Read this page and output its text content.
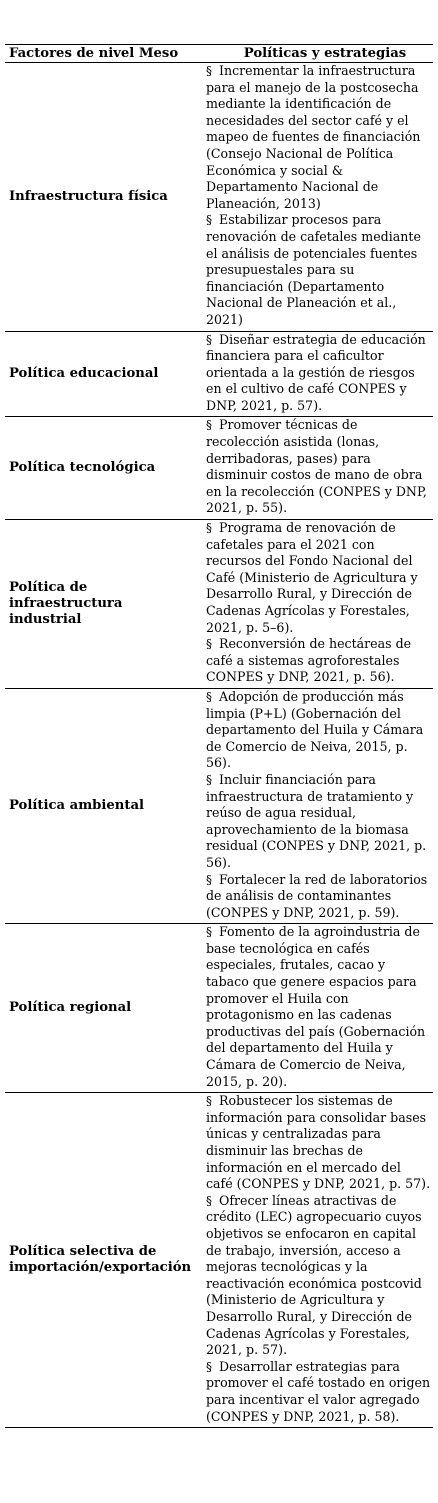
Factores de nivel Meso	Políticas y estrategias
Infraestructura física	§ Incrementar la infraestructura para el manejo de la postcosecha mediante la identificación de necesidades del sector café y el mapeo de fuentes de financiación (Consejo Nacional de Política Económica y social & Departamento Nacional de Planeación, 2013)
§ Estabilizar procesos para renovación de cafetales mediante el análisis de potenciales fuentes presupuestales para su financiación (Departamento Nacional de Planeación et al., 2021)

Política educacional	§ Diseñar estrategia de educación financiera para el caficultor orientada a la gestión de riesgos en el cultivo de café CONPES y DNP, 2021, p. 57).

Política tecnológica	§ Promover técnicas de recolección asistida (lonas, derribadoras, pases) para disminuir costos de mano de obra en la recolección (CONPES y DNP, 2021, p. 55).

Política de infraestructura industrial	§ Programa de renovación de cafetales para el 2021 con recursos del Fondo Nacional del Café (Ministerio de Agricultura y Desarrollo Rural, y Dirección de Cadenas Agrícolas y Forestales, 2021, p. 5–6).
§ Reconversión de hectáreas de café a sistemas agroforestales CONPES y DNP, 2021, p. 56).

Política ambiental	§ Adopción de producción más limpia (P+L) (Gobernación del departamento del Huila y Cámara de Comercio de Neiva, 2015, p. 56).
§ Incluir financiación para infraestructura de tratamiento y reúso de agua residual, aprovechamiento de la biomasa residual (CONPES y DNP, 2021, p. 56).
§ Fortalecer la red de laboratorios de análisis de contaminantes (CONPES y DNP, 2021, p. 59).

Política regional	§ Fomento de la agroindustria de base tecnológica en cafés especiales, frutales, cacao y tabaco que genere espacios para promover el Huila con protagonismo en las cadenas productivas del país (Gobernación del departamento del Huila y Cámara de Comercio de Neiva, 2015, p. 20).

Política selectiva de importación/exportación	§ Robustecer los sistemas de información para consolidar bases únicas y centralizadas para disminuir las brechas de información en el mercado del café (CONPES y DNP, 2021, p. 57).
§ Ofrecer líneas atractivas de crédito (LEC) agropecuario cuyos objetivos se enfocaron en capital de trabajo, inversión, acceso a mejoras tecnológicas y la reactivación económica postcovid (Ministerio de Agricultura y Desarrollo Rural, y Dirección de Cadenas Agrícolas y Forestales, 2021, p. 57).
§ Desarrollar estrategias para promover el café tostado en origen para incentivar el valor agregado (CONPES y DNP, 2021, p. 58).
